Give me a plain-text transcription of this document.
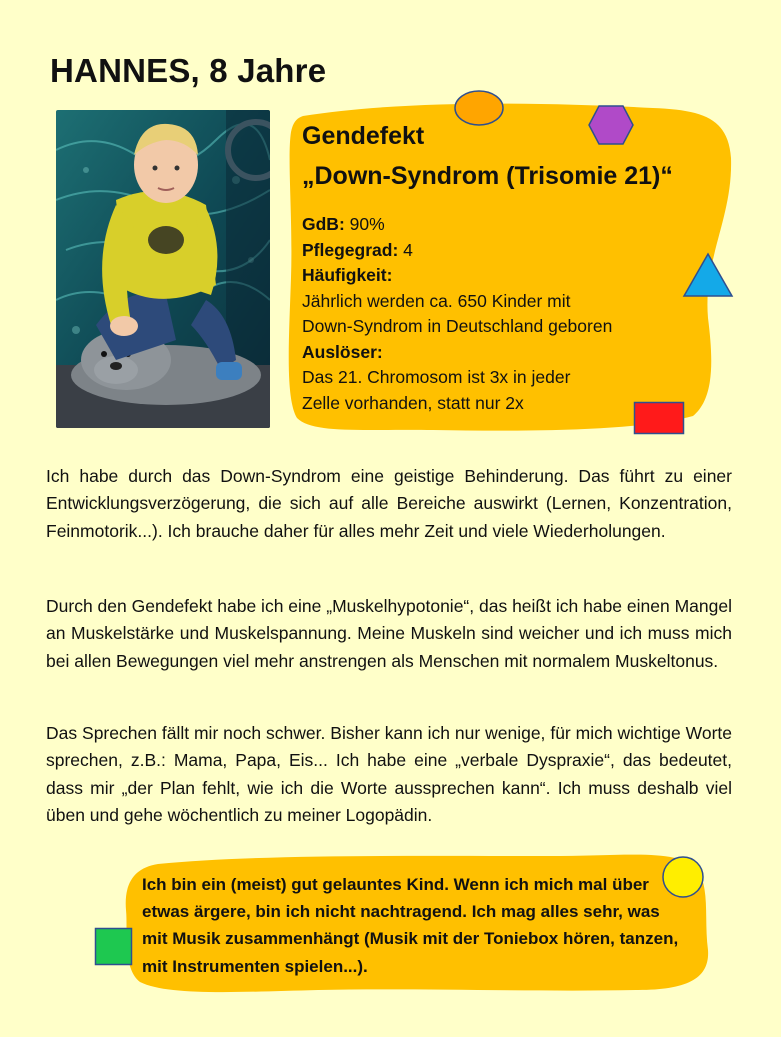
HANNES, 8 Jahre

Gendefekt

„Down-Syndrom (Trisomie 21)“

GdB: 90%
Pflegegrad: 4
Häufigkeit:
Jährlich werden ca. 650 Kinder mit
Down-Syndrom in Deutschland geboren
Auslöser:
Das 21. Chromosom ist 3x in jeder
Zelle vorhanden, statt nur 2x

Ich habe durch das Down-Syndrom eine geistige Behinderung. Das führt zu einer Entwicklungsverzögerung, die sich auf alle Bereiche auswirkt (Lernen, Konzentration, Feinmotorik...). Ich brauche daher für alles mehr Zeit und viele Wiederholungen.

Durch den Gendefekt habe ich eine „Muskelhypotonie“, das heißt ich habe einen Mangel an Muskelstärke und Muskelspannung. Meine Muskeln sind weicher und ich muss mich bei allen Bewegungen viel mehr anstrengen als Menschen mit normalem Muskeltonus.

Das Sprechen fällt mir noch schwer. Bisher kann ich nur wenige, für mich wichtige Worte sprechen, z.B.: Mama, Papa, Eis... Ich habe eine „verbale Dyspraxie“, das bedeutet, dass mir „der Plan fehlt, wie ich die Worte aussprechen kann“. Ich muss deshalb viel üben und gehe wöchentlich zu meiner Logopädin.

Ich bin ein (meist) gut gelauntes Kind. Wenn ich mich mal über etwas ärgere, bin ich nicht nachtragend. Ich mag alles sehr, was mit Musik zusammenhängt (Musik mit der Toniebox hören, tanzen, mit Instrumenten spielen...).
